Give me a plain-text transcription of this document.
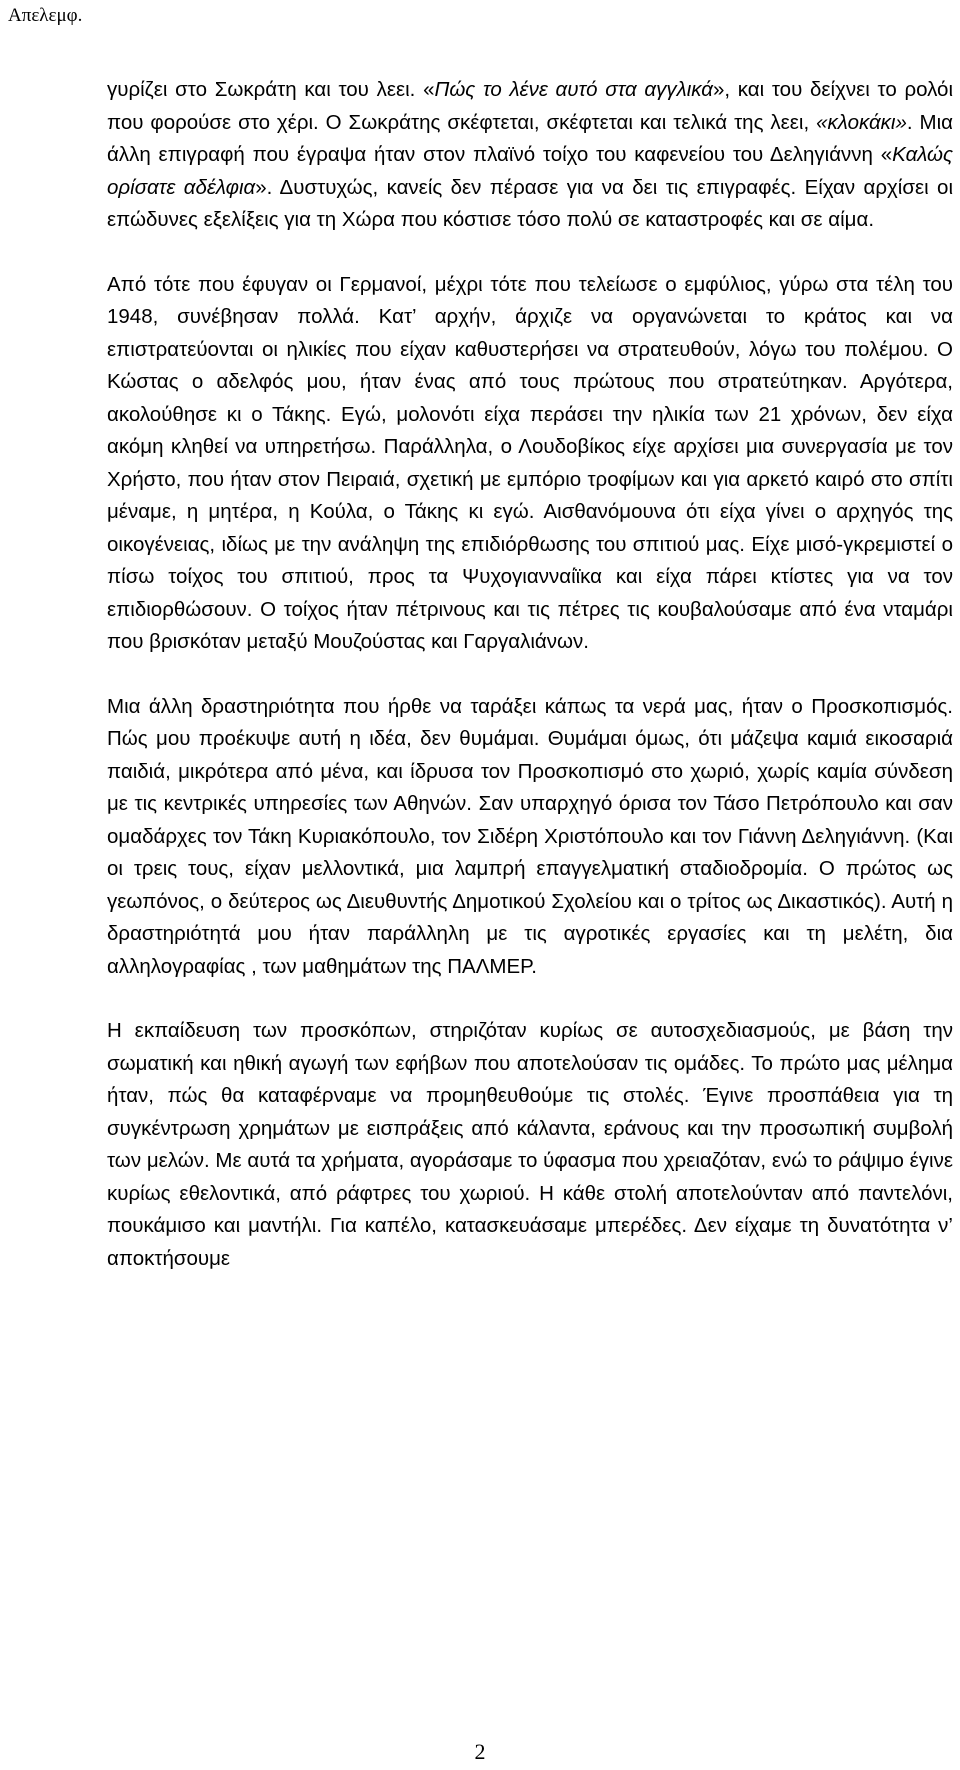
Απελεμφ.

γυρίζει στο Σωκράτη και του λεει. «Πώς το λένε αυτό στα αγγλικά», και του δείχνει το ρολόι που φορούσε στο χέρι. Ο Σωκράτης σκέφτεται, σκέφτεται και τελικά της λεει, «κλοκάκι». Μια άλλη επιγραφή που έγραψα ήταν στον πλαϊνό τοίχο του καφενείου του Δεληγιάννη «Καλώς ορίσατε αδέλφια». Δυστυχώς, κανείς δεν πέρασε για να δει τις επιγραφές. Είχαν αρχίσει οι επώδυνες εξελίξεις για τη Χώρα που κόστισε τόσο πολύ σε καταστροφές και σε αίμα.

Από τότε που έφυγαν οι Γερμανοί, μέχρι τότε που τελείωσε ο εμφύλιος, γύρω στα τέλη του 1948, συνέβησαν πολλά. Κατ’ αρχήν, άρχιζε να οργανώνεται το κράτος και να επιστρατεύονται οι ηλικίες που είχαν καθυστερήσει να στρατευθούν, λόγω του πολέμου. Ο Κώστας ο αδελφός μου, ήταν ένας από τους πρώτους που στρατεύτηκαν. Αργότερα, ακολούθησε κι ο Τάκης. Εγώ, μολονότι είχα περάσει την ηλικία των 21 χρόνων, δεν είχα ακόμη κληθεί να υπηρετήσω. Παράλληλα, ο Λουδοβίκος είχε αρχίσει μια συνεργασία με τον Χρήστο, που ήταν στον Πειραιά, σχετική με εμπόριο τροφίμων και για αρκετό καιρό στο σπίτι μέναμε, η μητέρα, η Κούλα, ο Τάκης κι εγώ. Αισθανόμουνα ότι είχα γίνει ο αρχηγός της οικογένειας, ιδίως με την ανάληψη της επιδιόρθωσης του σπιτιού μας. Είχε μισό-γκρεμιστεί ο πίσω τοίχος του σπιτιού, προς τα Ψυχογιανναίϊκα και είχα πάρει κτίστες για να τον επιδιορθώσουν. Ο τοίχος ήταν πέτρινους και τις πέτρες τις κουβαλούσαμε από ένα νταμάρι που βρισκόταν μεταξύ Μουζούστας και Γαργαλιάνων.

Μια άλλη δραστηριότητα που ήρθε να ταράξει κάπως τα νερά μας, ήταν ο Προσκοπισμός. Πώς μου προέκυψε αυτή η ιδέα, δεν θυμάμαι. Θυμάμαι όμως, ότι μάζεψα καμιά εικοσαριά παιδιά, μικρότερα από μένα, και ίδρυσα τον Προσκοπισμό στο χωριό, χωρίς καμία σύνδεση με τις κεντρικές υπηρεσίες των Αθηνών. Σαν υπαρχηγό όρισα τον Τάσο Πετρόπουλο και σαν ομαδάρχες τον Τάκη Κυριακόπουλο, τον Σιδέρη Χριστόπουλο και τον Γιάννη Δεληγιάννη. (Και οι τρεις τους, είχαν μελλοντικά, μια λαμπρή επαγγελματική σταδιοδρομία. Ο πρώτος ως γεωπόνος, ο δεύτερος ως Διευθυντής Δημοτικού Σχολείου και ο τρίτος ως Δικαστικός). Αυτή η δραστηριότητά μου ήταν παράλληλη με τις αγροτικές εργασίες και τη μελέτη, δια αλληλογραφίας , των μαθημάτων της ΠΑΛΜΕΡ.

Η εκπαίδευση των προσκόπων, στηριζόταν κυρίως σε αυτοσχεδιασμούς, με βάση την σωματική και ηθική αγωγή των εφήβων που αποτελούσαν τις ομάδες. Το πρώτο μας μέλημα ήταν, πώς θα καταφέρναμε να προμηθευθούμε τις στολές. Έγινε προσπάθεια για τη συγκέντρωση χρημάτων με εισπράξεις από κάλαντα, εράνους και την προσωπική συμβολή των μελών. Με αυτά τα χρήματα, αγοράσαμε το ύφασμα που χρειαζόταν, ενώ το ράψιμο έγινε κυρίως εθελοντικά, από ράφτρες του χωριού. Η κάθε στολή αποτελούνταν από παντελόνι, πουκάμισο και μαντήλι. Για καπέλο, κατασκευάσαμε μπερέδες. Δεν είχαμε τη δυνατότητα ν’ αποκτήσουμε

2
